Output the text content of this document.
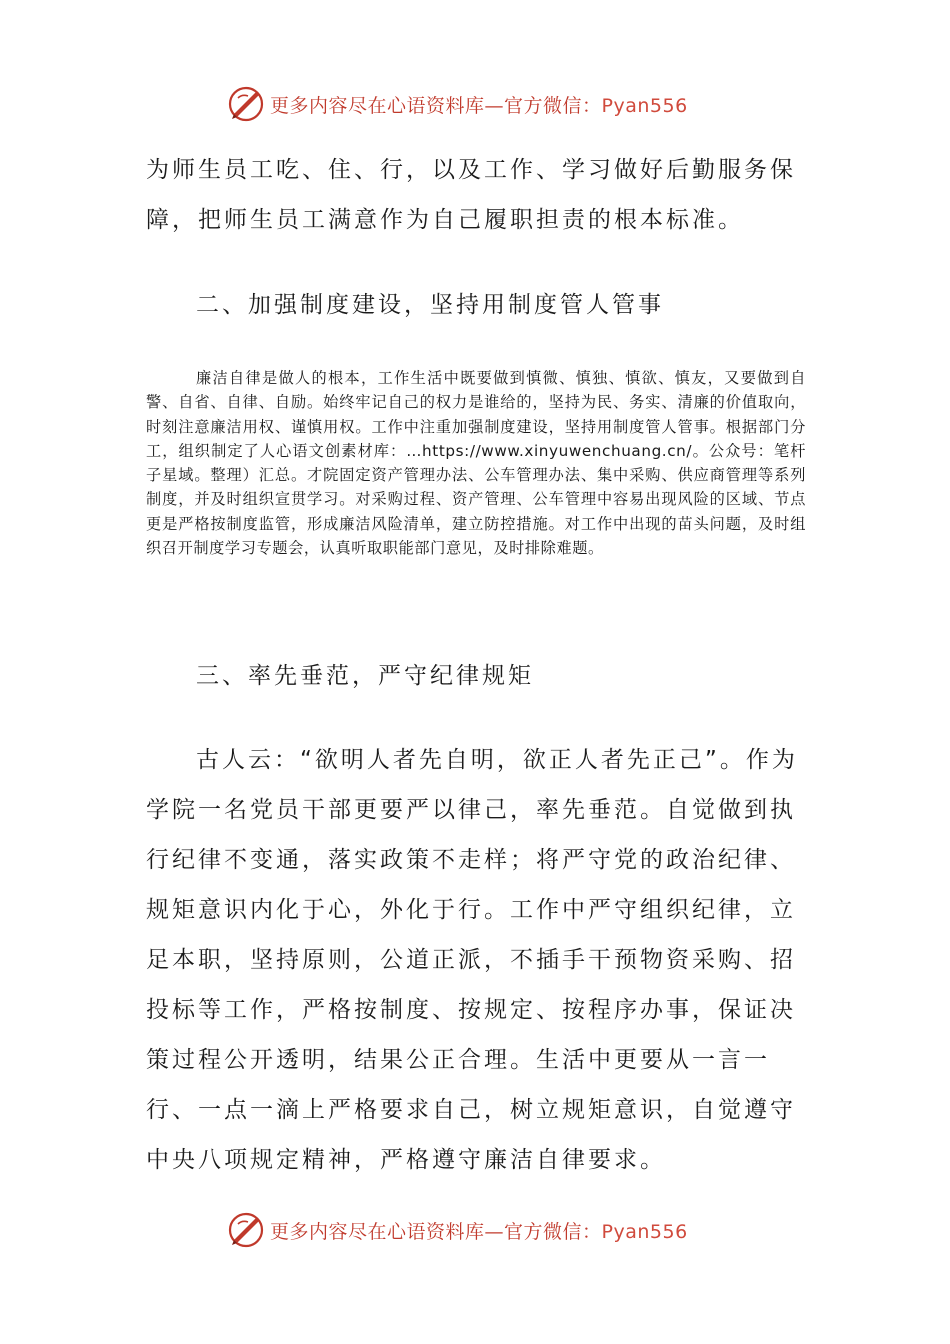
更多内容尽在心语资料库—官方微信：Pyan556

为师生员工吃、住、行，以及工作、学习做好后勤服务保障，把师生员工满意作为自己履职担责的根本标准。

二、加强制度建设，坚持用制度管人管事

廉洁自律是做人的根本，工作生活中既要做到慎微、慎独、慎欲、慎友，又要做到自警、自省、自律、自励。始终牢记自己的权力是谁给的，坚持为民、务实、清廉的价值取向，时刻注意廉洁用权、谨慎用权。工作中注重加强制度建设，坚持用制度管人管事。根据部门分工，组织制定了人心语文创素材库：…https://www.xinyuwenchuang.cn/。公众号：笔杆子星域。整理）汇总。才院固定资产管理办法、公车管理办法、集中采购、供应商管理等系列制度，并及时组织宣贯学习。对采购过程、资产管理、公车管理中容易出现风险的区域、节点更是严格按制度监管，形成廉洁风险清单，建立防控措施。对工作中出现的苗头问题，及时组织召开制度学习专题会，认真听取职能部门意见，及时排除难题。

三、率先垂范，严守纪律规矩

古人云：“欲明人者先自明，欲正人者先正己”。作为学院一名党员干部更要严以律己，率先垂范。自觉做到执行纪律不变通，落实政策不走样；将严守党的政治纪律、规矩意识内化于心，外化于行。工作中严守组织纪律，立足本职，坚持原则，公道正派，不插手干预物资采购、招投标等工作，严格按制度、按规定、按程序办事，保证决策过程公开透明，结果公正合理。生活中更要从一言一行、一点一滴上严格要求自己，树立规矩意识，自觉遵守中央八项规定精神，严格遵守廉洁自律要求。

更多内容尽在心语资料库—官方微信：Pyan556
